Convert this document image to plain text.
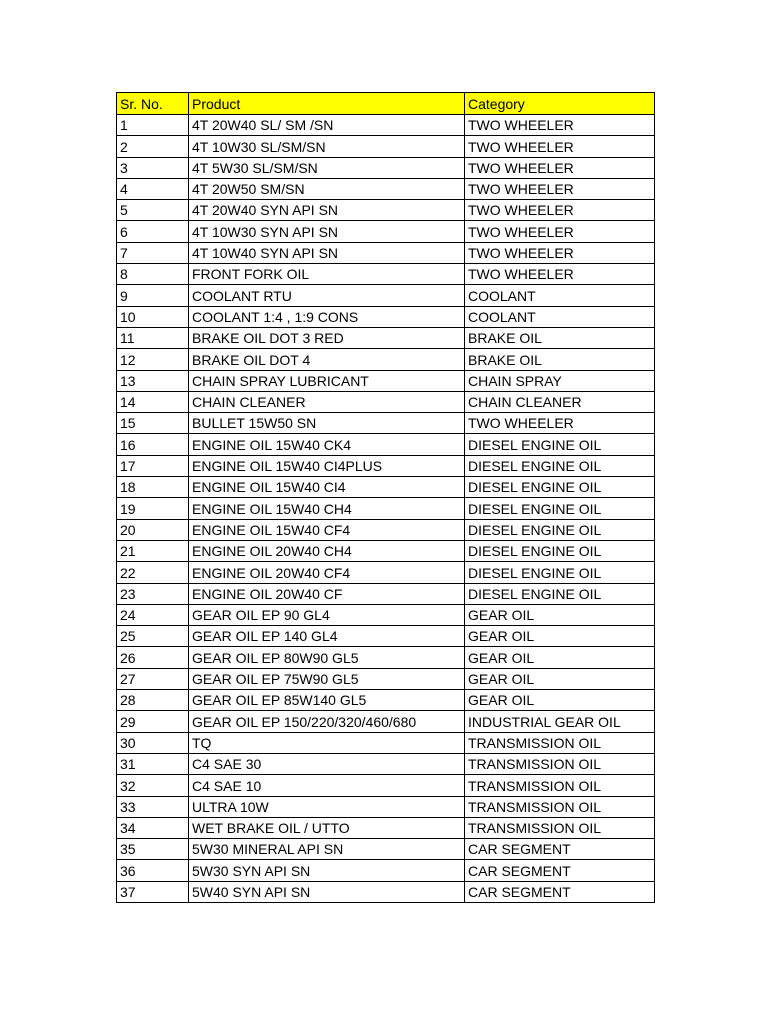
Sr. No.	Product	Category
1	4T 20W40 SL/ SM /SN	TWO WHEELER
2	4T 10W30 SL/SM/SN	TWO WHEELER
3	4T 5W30 SL/SM/SN	TWO WHEELER
4	4T 20W50 SM/SN	TWO WHEELER
5	4T 20W40 SYN API SN	TWO WHEELER
6	4T 10W30 SYN API SN	TWO WHEELER
7	4T 10W40 SYN API SN	TWO WHEELER
8	FRONT FORK OIL	TWO WHEELER
9	COOLANT RTU	COOLANT
10	COOLANT 1:4 , 1:9 CONS	COOLANT
11	BRAKE OIL DOT 3 RED	BRAKE OIL
12	BRAKE OIL DOT 4	BRAKE OIL
13	CHAIN SPRAY LUBRICANT	CHAIN SPRAY
14	CHAIN CLEANER	CHAIN CLEANER
15	BULLET 15W50 SN	TWO WHEELER
16	ENGINE OIL 15W40 CK4	DIESEL ENGINE OIL
17	ENGINE OIL 15W40 CI4PLUS	DIESEL ENGINE OIL
18	ENGINE OIL 15W40 CI4	DIESEL ENGINE OIL
19	ENGINE OIL 15W40 CH4	DIESEL ENGINE OIL
20	ENGINE OIL 15W40 CF4	DIESEL ENGINE OIL
21	ENGINE OIL 20W40 CH4	DIESEL ENGINE OIL
22	ENGINE OIL 20W40 CF4	DIESEL ENGINE OIL
23	ENGINE OIL 20W40 CF	DIESEL ENGINE OIL
24	GEAR OIL EP 90 GL4	GEAR OIL
25	GEAR OIL EP 140 GL4	GEAR OIL
26	GEAR OIL EP 80W90 GL5	GEAR OIL
27	GEAR OIL EP 75W90 GL5	GEAR OIL
28	GEAR OIL EP 85W140 GL5	GEAR OIL
29	GEAR OIL EP 150/220/320/460/680	INDUSTRIAL GEAR OIL
30	TQ	TRANSMISSION OIL
31	C4 SAE 30	TRANSMISSION OIL
32	C4 SAE 10	TRANSMISSION OIL
33	ULTRA 10W	TRANSMISSION OIL
34	WET BRAKE OIL / UTTO	TRANSMISSION OIL
35	5W30 MINERAL API SN	CAR SEGMENT
36	5W30 SYN API SN	CAR SEGMENT
37	5W40 SYN API SN	CAR SEGMENT
